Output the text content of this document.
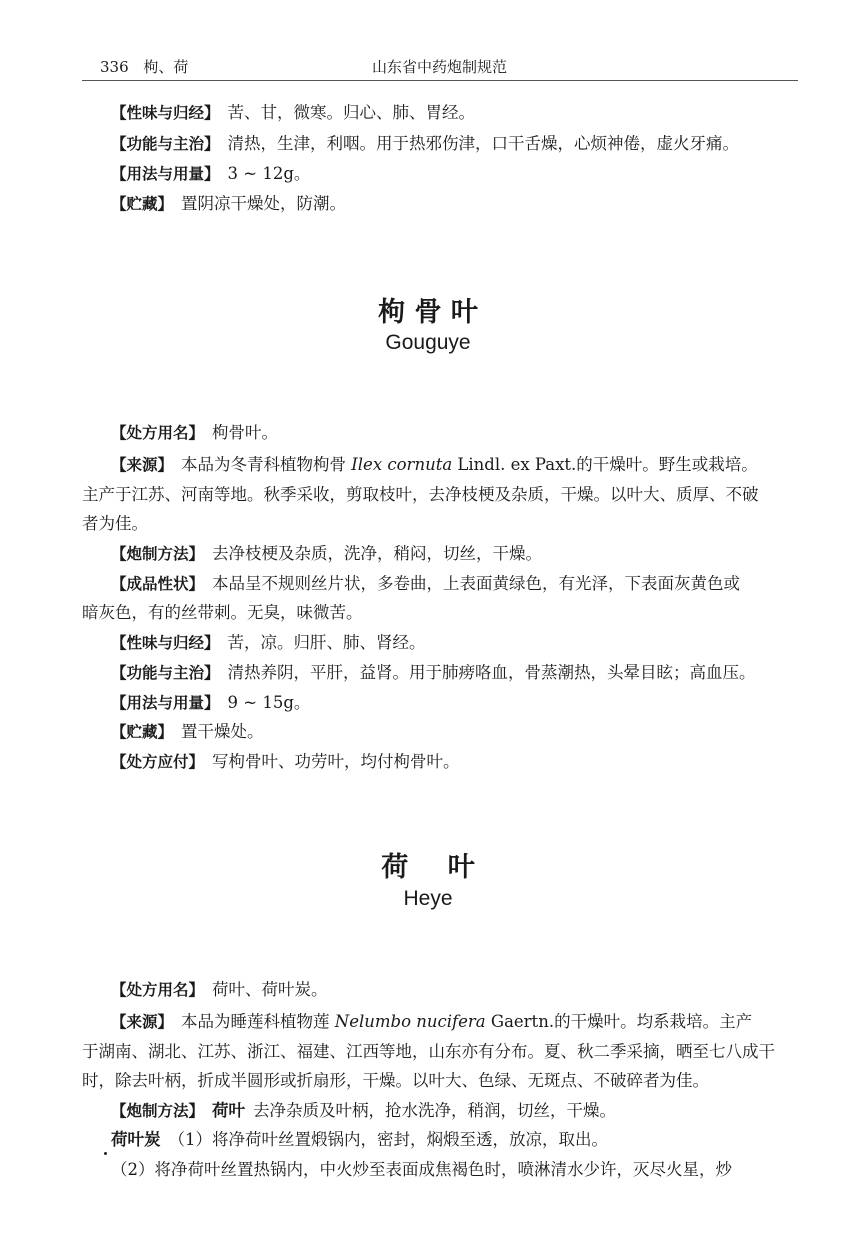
336 枸、荷	山东省中药炮制规范
【性味与归经】 苦、甘，微寒。归心、肺、胃经。
【功能与主治】 清热，生津，利咽。用于热邪伤津，口干舌燥，心烦神倦，虚火牙痛。
【用法与用量】 3 ~ 12g。
【贮藏】 置阴凉干燥处，防潮。
枸 骨 叶
Gouguye
【处方用名】 枸骨叶。
【来源】 本品为冬青科植物枸骨 Ilex cornuta Lindl. ex Paxt.的干燥叶。野生或栽培。
主产于江苏、河南等地。秋季采收，剪取枝叶，去净枝梗及杂质，干燥。以叶大、质厚、不破
者为佳。
【炮制方法】 去净枝梗及杂质，洗净，稍闷，切丝，干燥。
【成品性状】 本品呈不规则丝片状，多卷曲，上表面黄绿色，有光泽，下表面灰黄色或
暗灰色，有的丝带刺。无臭，味微苦。
【性味与归经】 苦，凉。归肝、肺、肾经。
【功能与主治】 清热养阴，平肝，益肾。用于肺痨咯血，骨蒸潮热，头晕目眩；高血压。
【用法与用量】 9 ~ 15g。
【贮藏】 置干燥处。
【处方应付】 写枸骨叶、功劳叶，均付枸骨叶。
荷 叶
Heye
【处方用名】 荷叶、荷叶炭。
【来源】 本品为睡莲科植物莲 Nelumbo nucifera Gaertn.的干燥叶。均系栽培。主产
于湖南、湖北、江苏、浙江、福建、江西等地，山东亦有分布。夏、秋二季采摘，晒至七八成干
时，除去叶柄，折成半圆形或折扇形，干燥。以叶大、色绿、无斑点、不破碎者为佳。
【炮制方法】 荷叶 去净杂质及叶柄，抢水洗净，稍润，切丝，干燥。
荷叶炭 （1）将净荷叶丝置煅锅内，密封，焖煅至透，放凉，取出。
（2）将净荷叶丝置热锅内，中火炒至表面成焦褐色时，喷淋清水少许，灭尽火星，炒
